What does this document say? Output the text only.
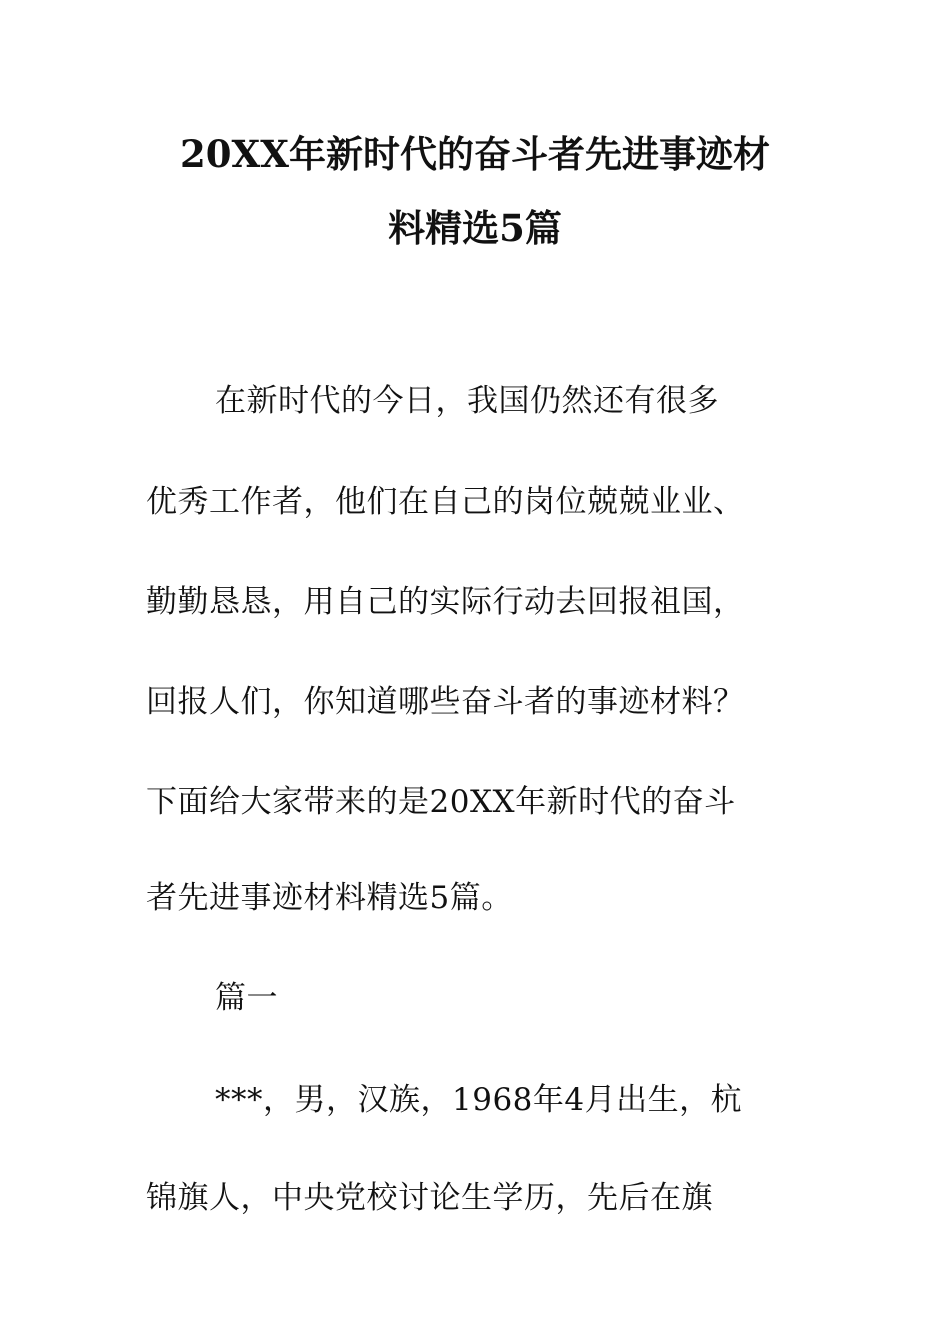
20XX年新时代的奋斗者先进事迹材
料精选5篇
在新时代的今日，我国仍然还有很多
优秀工作者，他们在自己的岗位兢兢业业、
勤勤恳恳，用自己的实际行动去回报祖国，
回报人们，你知道哪些奋斗者的事迹材料？
下面给大家带来的是20XX年新时代的奋斗
者先进事迹材料精选5篇。
篇一
***，男，汉族，1968年4月出生，杭
锦旗人，中央党校讨论生学历，先后在旗
